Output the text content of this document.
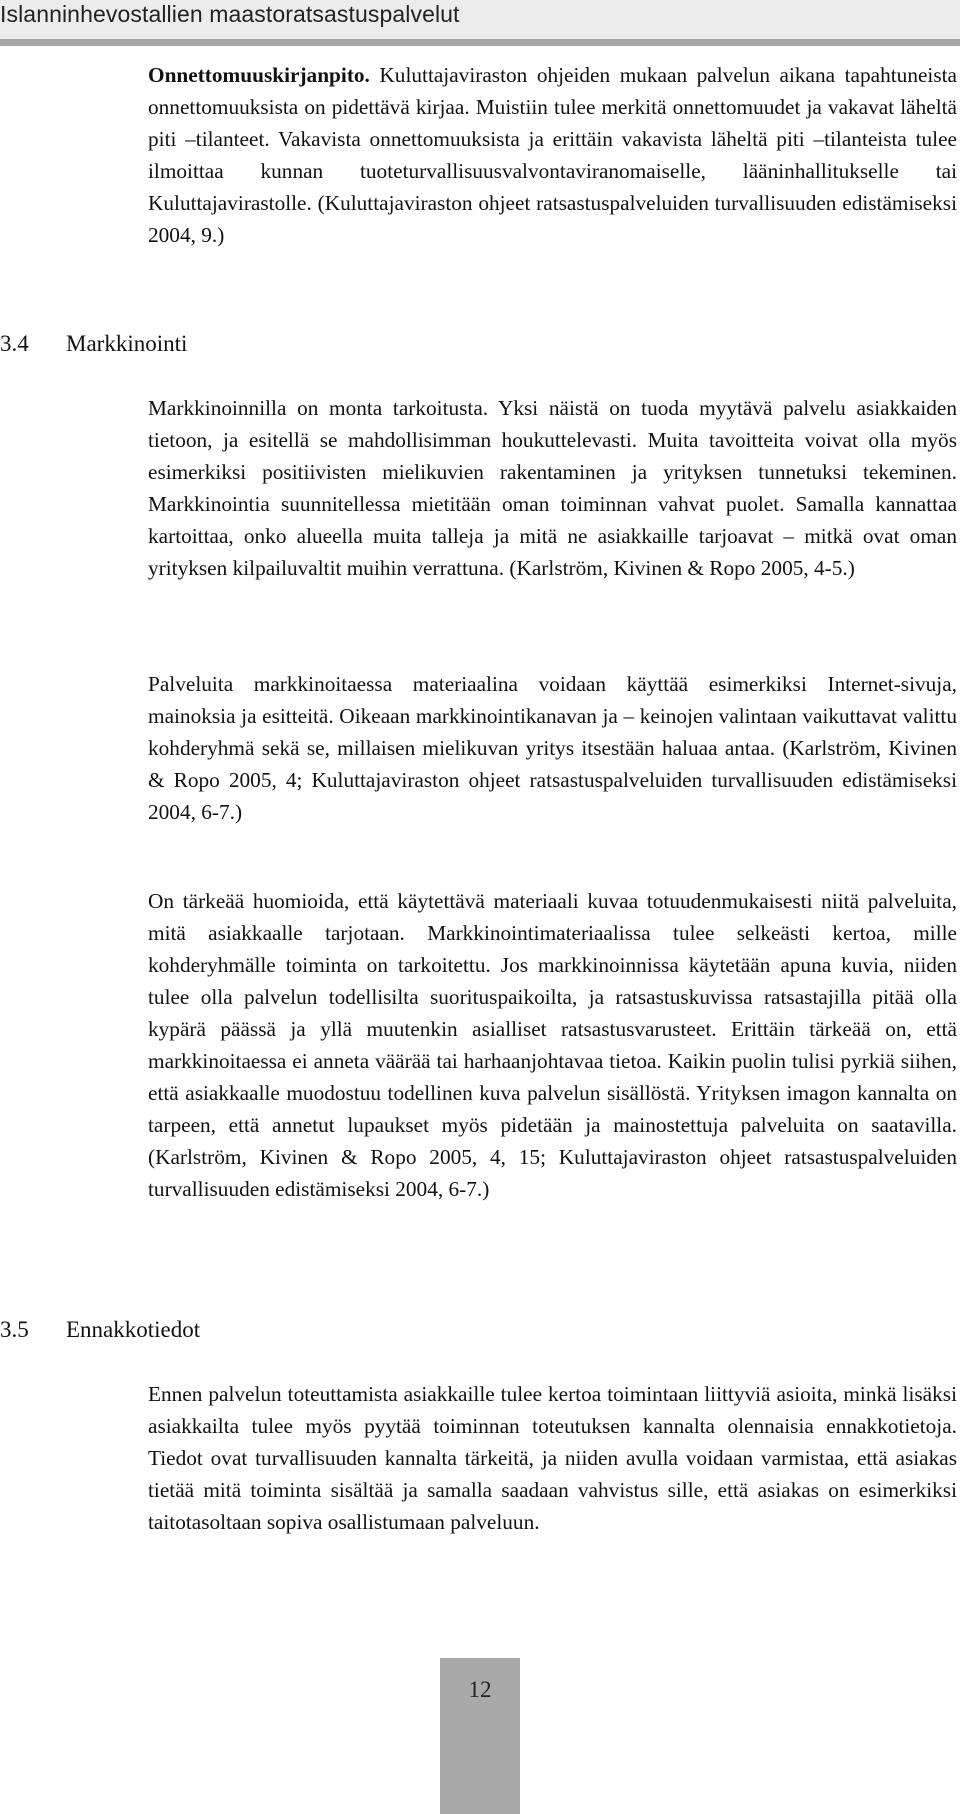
Islanninhevostallien maastoratsastuspalvelut

Onnettomuuskirjanpito. Kuluttajaviraston ohjeiden mukaan palvelun aikana tapahtuneista onnettomuuksista on pidettävä kirjaa. Muistiin tulee merkitä onnettomuudet ja vakavat läheltä piti –tilanteet. Vakavista onnettomuuksista ja erittäin vakavista läheltä piti –tilanteista tulee ilmoittaa kunnan tuoteturvallisuusvalvontaviranomaiselle, lääninhallitukselle tai Kuluttajavirastolle. (Kuluttajaviraston ohjeet ratsastuspalveluiden turvallisuuden edistämiseksi 2004, 9.)

3.4 Markkinointi

Markkinoinnilla on monta tarkoitusta. Yksi näistä on tuoda myytävä palvelu asiakkaiden tietoon, ja esitellä se mahdollisimman houkuttelevasti. Muita tavoitteita voivat olla myös esimerkiksi positiivisten mielikuvien rakentaminen ja yrityksen tunnetuksi tekeminen. Markkinointia suunnitellessa mietitään oman toiminnan vahvat puolet. Samalla kannattaa kartoittaa, onko alueella muita talleja ja mitä ne asiakkaille tarjoavat – mitkä ovat oman yrityksen kilpailuvaltit muihin verrattuna. (Karlström, Kivinen & Ropo 2005, 4-5.)

Palveluita markkinoitaessa materiaalina voidaan käyttää esimerkiksi Internet-sivuja, mainoksia ja esitteitä. Oikeaan markkinointikanavan ja – keinojen valintaan vaikuttavat valittu kohderyhmä sekä se, millaisen mielikuvan yritys itsestään haluaa antaa. (Karlström, Kivinen & Ropo 2005, 4; Kuluttajaviraston ohjeet ratsastuspalveluiden turvallisuuden edistämiseksi 2004, 6-7.)

On tärkeää huomioida, että käytettävä materiaali kuvaa totuudenmukaisesti niitä palveluita, mitä asiakkaalle tarjotaan. Markkinointimateriaalissa tulee selkeästi kertoa, mille kohderyhmälle toiminta on tarkoitettu. Jos markkinoinnissa käytetään apuna kuvia, niiden tulee olla palvelun todellisilta suorituspaikoilta, ja ratsastuskuvissa ratsastajilla pitää olla kypärä päässä ja yllä muutenkin asialliset ratsastusvarusteet. Erittäin tärkeää on, että markkinoitaessa ei anneta väärää tai harhaanjohtavaa tietoa. Kaikin puolin tulisi pyrkiä siihen, että asiakkaalle muodostuu todellinen kuva palvelun sisällöstä. Yrityksen imagon kannalta on tarpeen, että annetut lupaukset myös pidetään ja mainostettuja palveluita on saatavilla. (Karlström, Kivinen & Ropo 2005, 4, 15; Kuluttajaviraston ohjeet ratsastuspalveluiden turvallisuuden edistämiseksi 2004, 6-7.)

3.5 Ennakkotiedot

Ennen palvelun toteuttamista asiakkaille tulee kertoa toimintaan liittyviä asioita, minkä lisäksi asiakkailta tulee myös pyytää toiminnan toteutuksen kannalta olennaisia ennakkotietoja. Tiedot ovat turvallisuuden kannalta tärkeitä, ja niiden avulla voidaan varmistaa, että asiakas tietää mitä toiminta sisältää ja samalla saadaan vahvistus sille, että asiakas on esimerkiksi taitotasoltaan sopiva osallistumaan palveluun.

12
